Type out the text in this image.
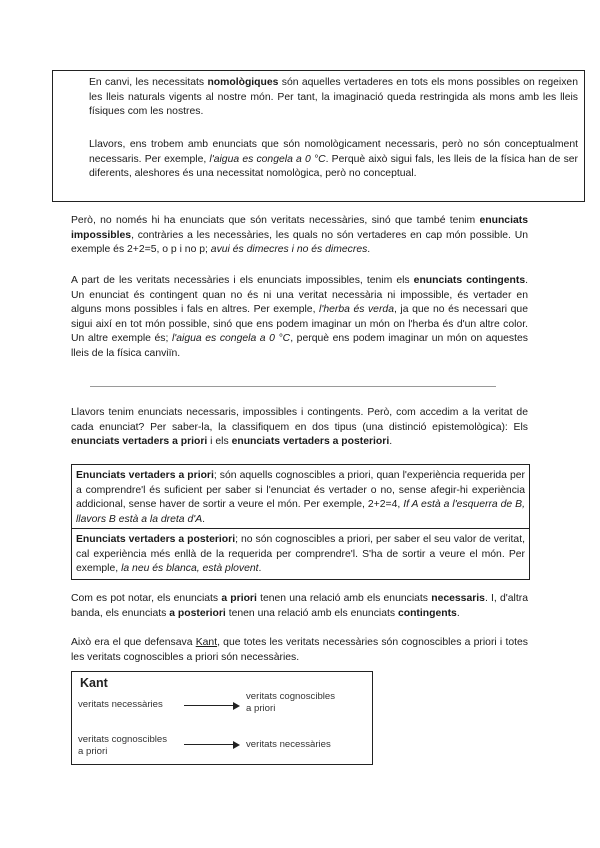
En canvi, les necessitats nomològiques són aquelles vertaderes en tots els mons possibles on regeixen les lleis naturals vigents al nostre món. Per tant, la imaginació queda restringida als mons amb les lleis físiques com les nostres.

Llavors, ens trobem amb enunciats que són nomològicament necessaris, però no són conceptualment necessaris. Per exemple, l'aigua es congela a 0 °C. Perquè això sigui fals, les lleis de la física han de ser diferents, aleshores és una necessitat nomològica, però no conceptual.

Però, no només hi ha enunciats que són veritats necessàries, sinó que també tenim enunciats impossibles, contràries a les necessàries, les quals no són vertaderes en cap món possible. Un exemple és 2+2=5, o p i no p; avui és dimecres i no és dimecres.

A part de les veritats necessàries i els enunciats impossibles, tenim els enunciats contingents. Un enunciat és contingent quan no és ni una veritat necessària ni impossible, és vertader en alguns mons possibles i fals en altres. Per exemple, l'herba és verda, ja que no és necessari que sigui així en tot món possible, sinó que ens podem imaginar un món on l'herba és d'un altre color. Un altre exemple és; l'aigua es congela a 0 °C, perquè ens podem imaginar un món on aquestes lleis de la física canviïn.

Llavors tenim enunciats necessaris, impossibles i contingents. Però, com accedim a la veritat de cada enunciat? Per saber-la, la classifiquem en dos tipus (una distinció epistemològica): Els enunciats vertaders a priori i els enunciats vertaders a posteriori.

Enunciats vertaders a priori; són aquells cognoscibles a priori, quan l'experiència requerida per a comprendre'l és suficient per saber si l'enunciat és vertader o no, sense afegir-hi experiència addicional, sense haver de sortir a veure el món. Per exemple, 2+2=4, If A està a l'esquerra de B, llavors B està a la dreta d'A.

Enunciats vertaders a posteriori; no són cognoscibles a priori, per saber el seu valor de veritat, cal experiència més enllà de la requerida per comprendre'l. S'ha de sortir a veure el món. Per exemple, la neu és blanca, està plovent.

Com es pot notar, els enunciats a priori tenen una relació amb els enunciats necessaris. I, d'altra banda, els enunciats a posteriori tenen una relació amb els enunciats contingents.

Això era el que defensava Kant, que totes les veritats necessàries són cognoscibles a priori i totes les veritats cognoscibles a priori són necessàries.

Kant
veritats necessàries
veritats cognoscibles
a priori
veritats cognoscibles
a priori
veritats necessàries
